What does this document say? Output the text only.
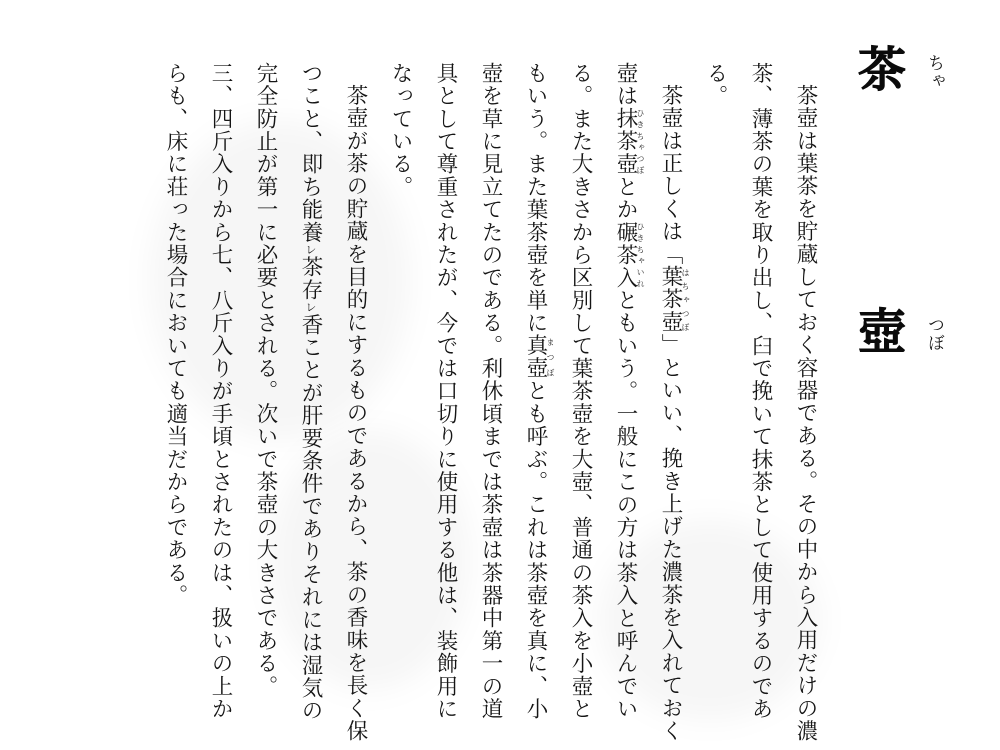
茶 ちゃ
壺 つぼ

茶壺は葉茶を貯蔵しておく容器である。その中から入用だけの濃茶、薄茶の葉を取り出し、臼で挽いて抹茶として使用するのである。

茶壺は正しくは「葉茶壺はちゃつぼ」といい、挽き上げた濃茶を入れておく壺は抹茶壺ひきちゃつぼとか碾茶入ひきちゃいれともいう。一般にこの方は茶入と呼んでいる。また大きさから区別して葉茶壺を大壺、普通の茶入を小壺ともいう。また葉茶壺を単に真壺まつぼとも呼ぶ。これは茶壺を真に、小壺を草に見立てたのである。利休頃までは茶壺は茶器中第一の道具として尊重されたが、今では口切りに使用する他は、装飾用になっている。

茶壺が茶の貯蔵を目的にするものであるから、茶の香味を長く保つこと、即ち能養レ茶存レ香ことが肝要条件でありそれには湿気の完全防止が第一に必要とされる。次いで茶壺の大きさである。三、四斤入りから七、八斤入りが手頃とされたのは、扱いの上からも、床に荘った場合においても適当だからである。
